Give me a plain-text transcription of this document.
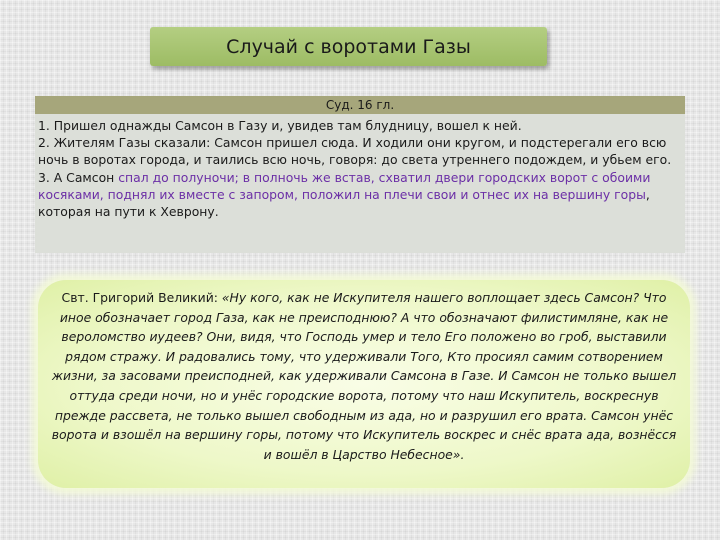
Случай с воротами Газы
Суд. 16 гл.

1. Пришел однажды Самсон в Газу и, увидев там блудницу, вошел к ней.

2. Жителям Газы сказали: Самсон пришел сюда. И ходили они кругом, и подстерегали его всю ночь в воротах города, и таились всю ночь, говоря: до света утреннего подождем, и убьем его.

3. А Самсон спал до полуночи; в полночь же встав, схватил двери городских ворот с обоими косяками, поднял их вместе с запором, положил на плечи свои и отнес их на вершину горы, которая на пути к Хеврону.

Свт. Григорий Великий: «Ну кого, как не Искупителя нашего воплощает здесь Самсон? Что иное обозначает город Газа, как не преисподнюю? А что обозначают филистимляне, как не вероломство иудеев? Они, видя, что Господь умер и тело Его положено во гроб, выставили рядом стражу. И радовались тому, что удерживали Того, Кто просиял самим сотворением жизни, за засовами преисподней, как удерживали Самсона в Газе. И Самсон не только вышел оттуда среди ночи, но и унёс городские ворота, потому что наш Искупитель, воскреснув прежде рассвета, не только вышел свободным из ада, но и разрушил его врата. Самсон унёс ворота и взошёл на вершину горы, потому что Искупитель воскрес и снёс врата ада, вознёсся и вошёл в Царство Небесное».
